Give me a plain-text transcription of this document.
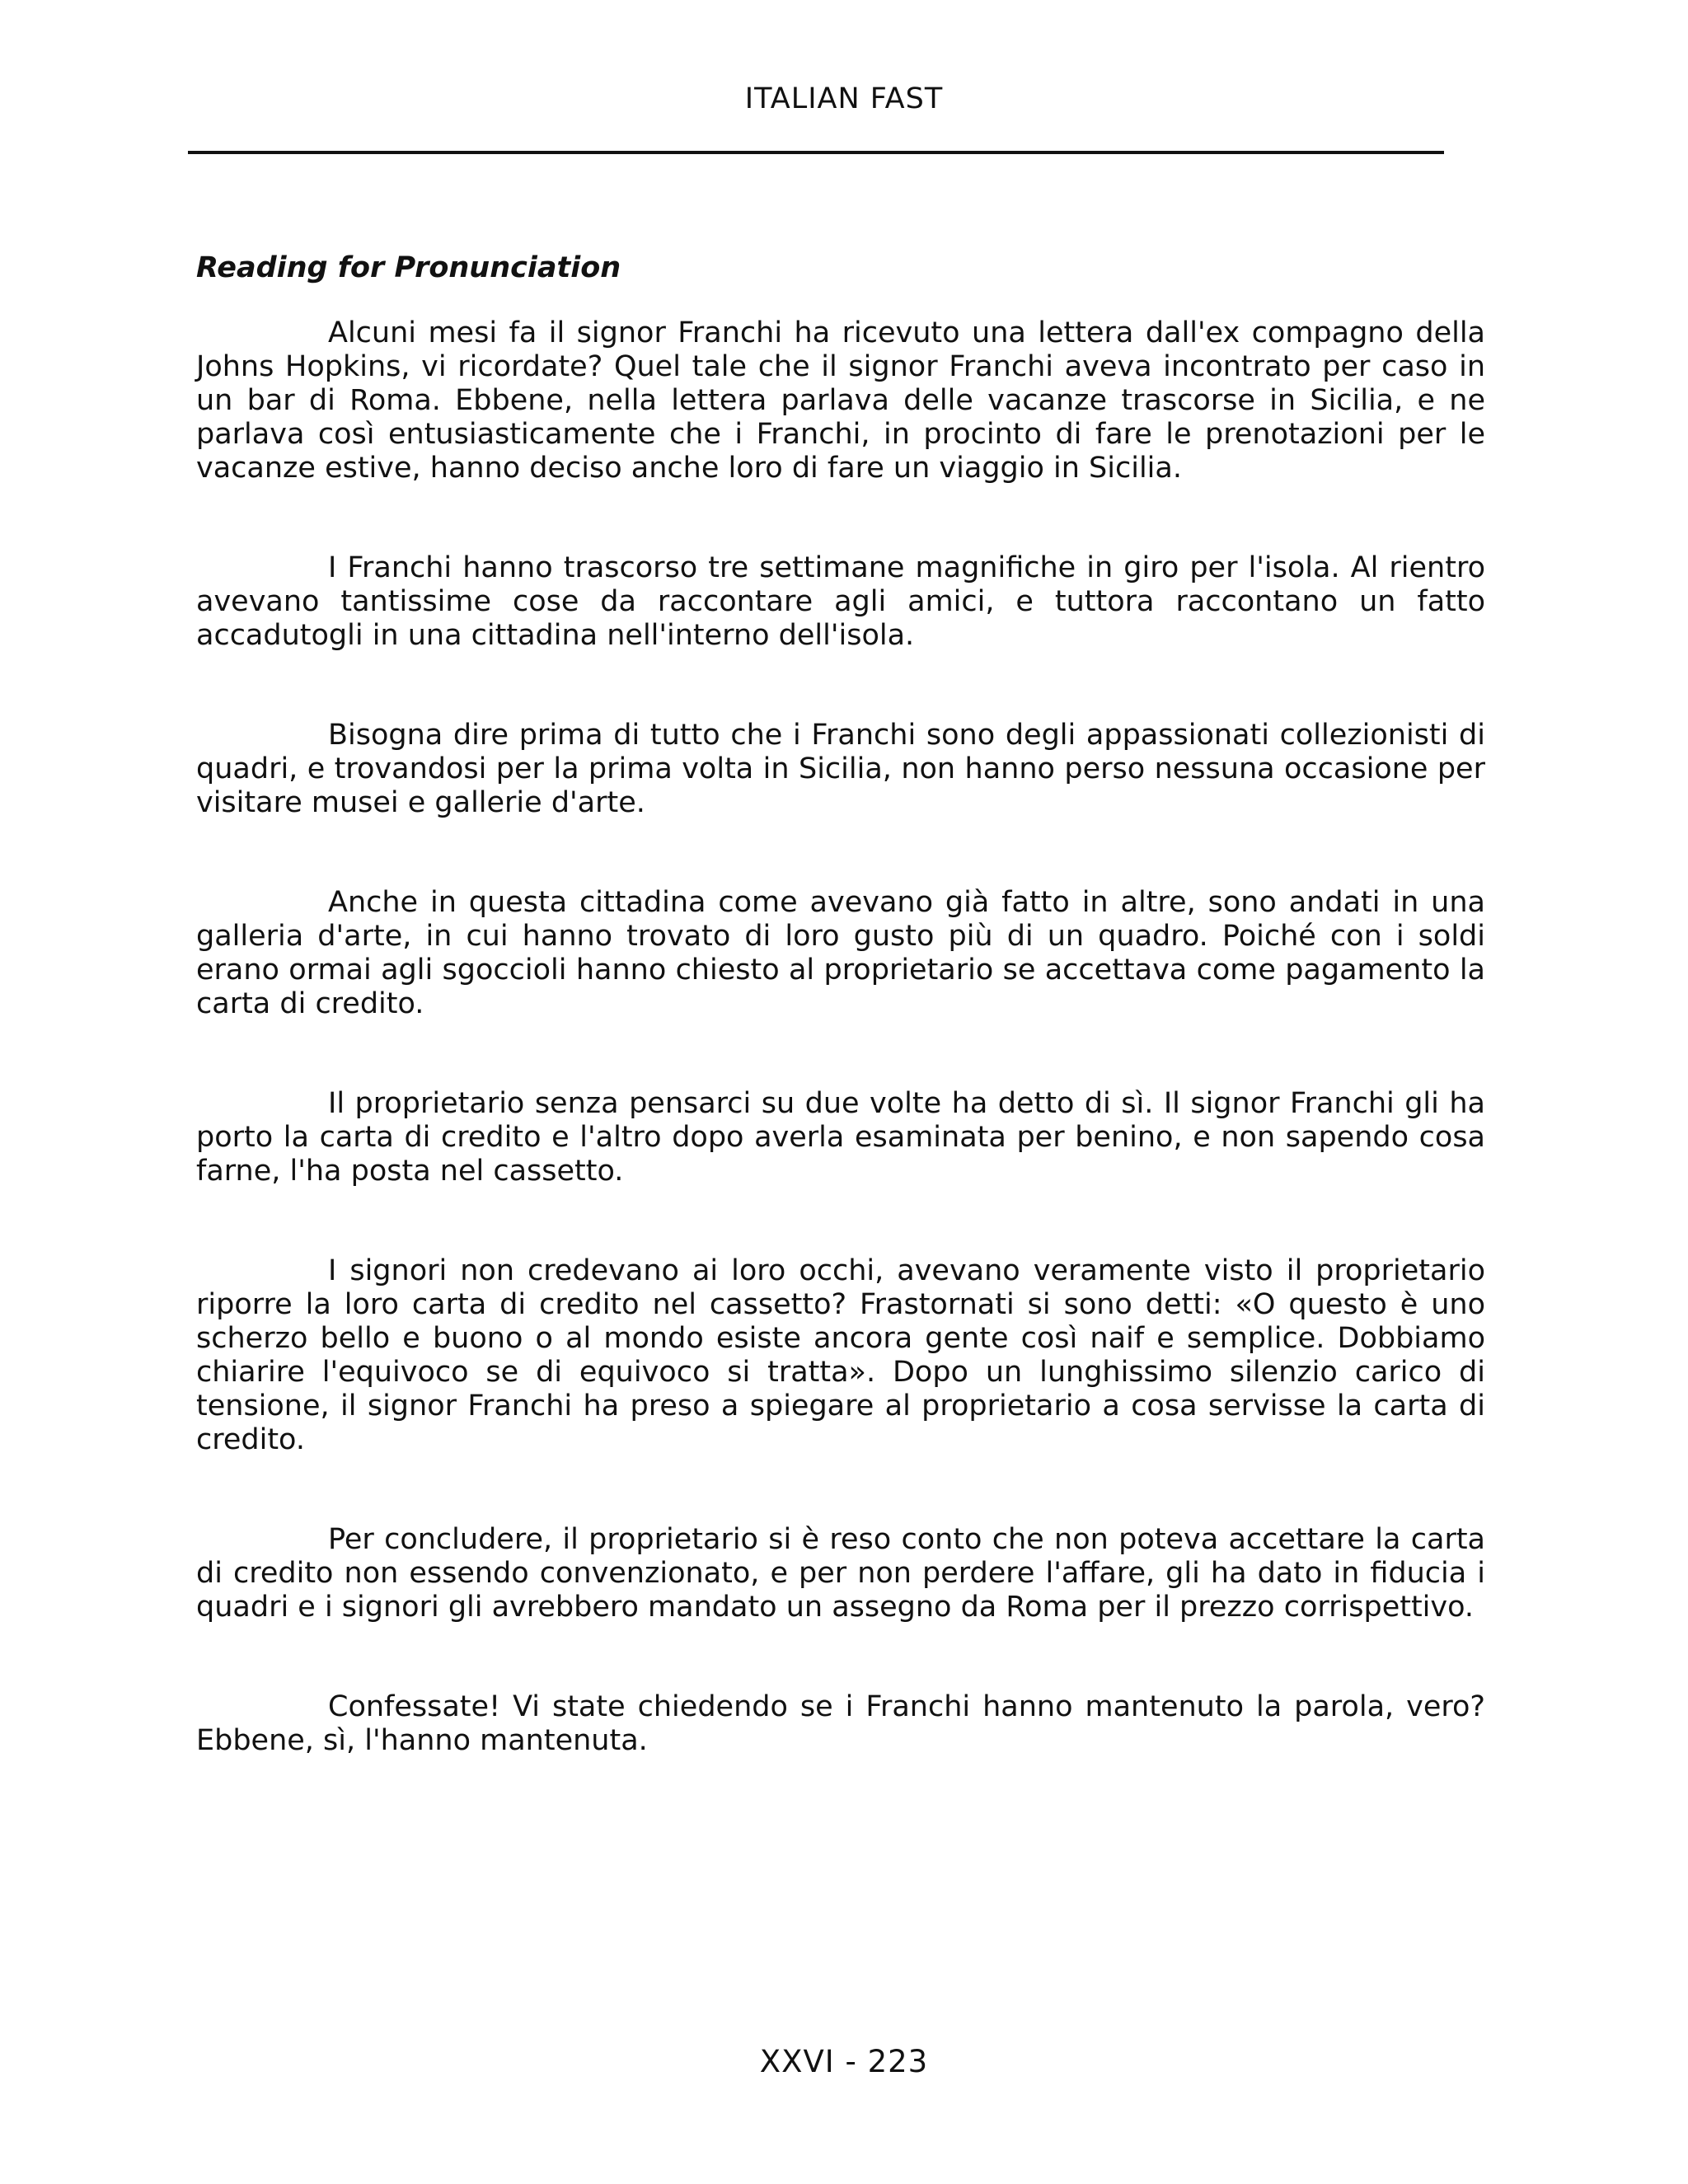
ITALIAN FAST
Reading for Pronunciation

Alcuni mesi fa il signor Franchi ha ricevuto una lettera dall'ex compagno della Johns Hopkins, vi ricordate? Quel tale che il signor Franchi aveva incontrato per caso in un bar di Roma. Ebbene, nella lettera parlava delle vacanze trascorse in Sicilia, e ne parlava così entusiasticamente che i Franchi, in procinto di fare le prenotazioni per le vacanze estive, hanno deciso anche loro di fare un viaggio in Sicilia.

I Franchi hanno trascorso tre settimane magnifiche in giro per l'isola. Al rientro avevano tantissime cose da raccontare agli amici, e tuttora raccontano un fatto accadutogli in una cittadina nell'interno dell'isola.

Bisogna dire prima di tutto che i Franchi sono degli appassionati collezionisti di quadri, e trovandosi per la prima volta in Sicilia, non hanno perso nessuna occasione per visitare musei e gallerie d'arte.

Anche in questa cittadina come avevano già fatto in altre, sono andati in una galleria d'arte, in cui hanno trovato di loro gusto più di un quadro. Poiché con i soldi erano ormai agli sgoccioli hanno chiesto al proprietario se accettava come pagamento la carta di credito.

Il proprietario senza pensarci su due volte ha detto di sì. Il signor Franchi gli ha porto la carta di credito e l'altro dopo averla esaminata per benino, e non sapendo cosa farne, l'ha posta nel cassetto.

I signori non credevano ai loro occhi, avevano veramente visto il proprietario riporre la loro carta di credito nel cassetto? Frastornati si sono detti: «O questo è uno scherzo bello e buono o al mondo esiste ancora gente così naif e semplice. Dobbiamo chiarire l'equivoco se di equivoco si tratta». Dopo un lunghissimo silenzio carico di tensione, il signor Franchi ha preso a spiegare al proprietario a cosa servisse la carta di credito.

Per concludere, il proprietario si è reso conto che non poteva accettare la carta di credito non essendo convenzionato, e per non perdere l'affare, gli ha dato in fiducia i quadri e i signori gli avrebbero mandato un assegno da Roma per il prezzo corrispettivo.

Confessate! Vi state chiedendo se i Franchi hanno mantenuto la parola, vero? Ebbene, sì, l'hanno mantenuta.

XXVI - 223
